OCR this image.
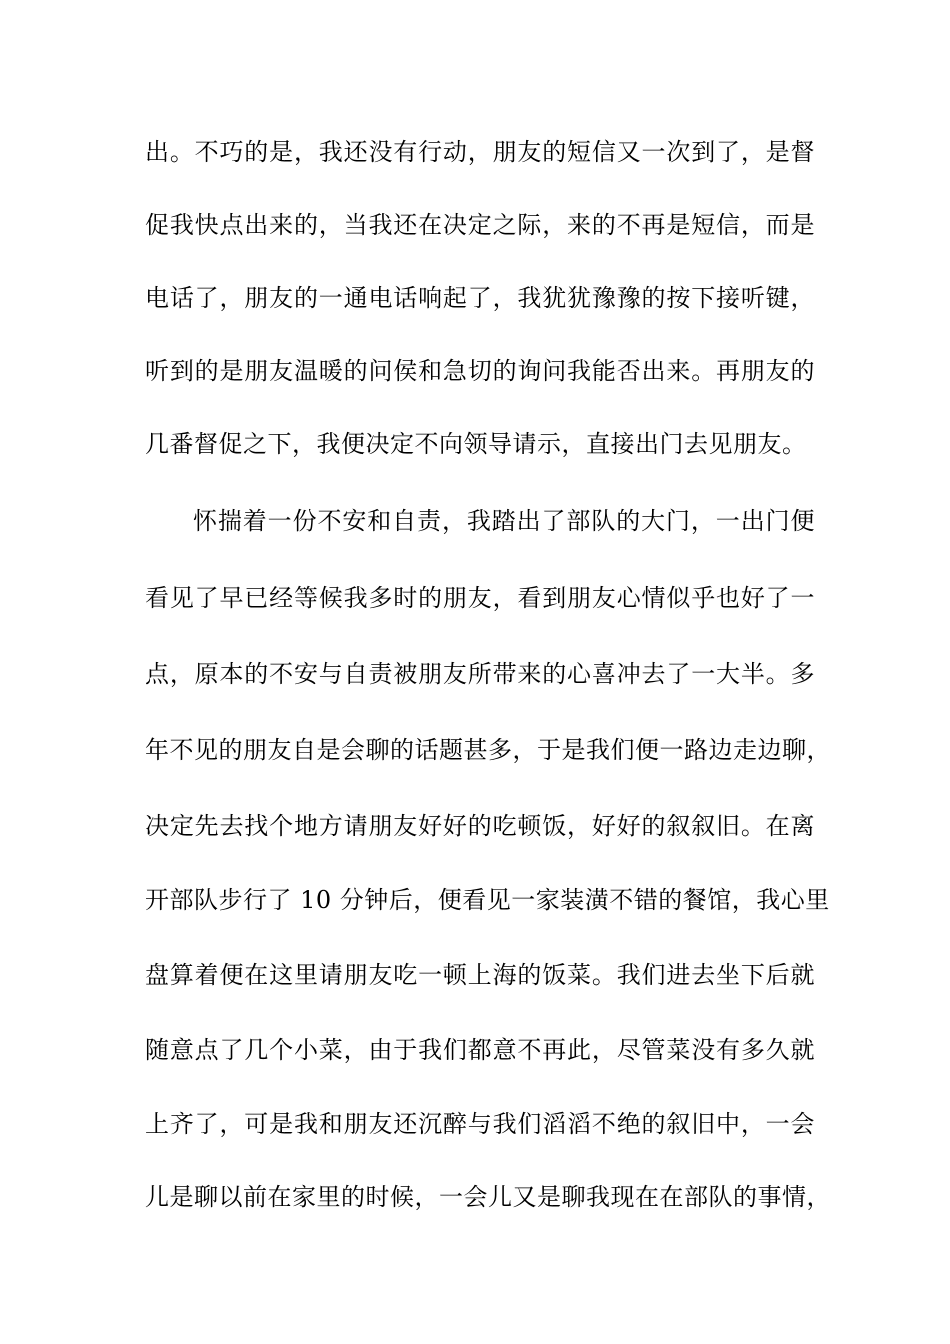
出。不巧的是，我还没有行动，朋友的短信又一次到了，是督
促我快点出来的，当我还在决定之际，来的不再是短信，而是
电话了，朋友的一通电话响起了，我犹犹豫豫的按下接听键，
听到的是朋友温暖的问侯和急切的询问我能否出来。再朋友的
几番督促之下，我便决定不向领导请示，直接出门去见朋友。
怀揣着一份不安和自责，我踏出了部队的大门，一出门便
看见了早已经等候我多时的朋友，看到朋友心情似乎也好了一
点，原本的不安与自责被朋友所带来的心喜冲去了一大半。多
年不见的朋友自是会聊的话题甚多，于是我们便一路边走边聊，
决定先去找个地方请朋友好好的吃顿饭，好好的叙叙旧。在离
开部队步行了 10 分钟后，便看见一家装潢不错的餐馆，我心里
盘算着便在这里请朋友吃一顿上海的饭菜。我们进去坐下后就
随意点了几个小菜，由于我们都意不再此，尽管菜没有多久就
上齐了，可是我和朋友还沉醉与我们滔滔不绝的叙旧中，一会
儿是聊以前在家里的时候，一会儿又是聊我现在在部队的事情，
